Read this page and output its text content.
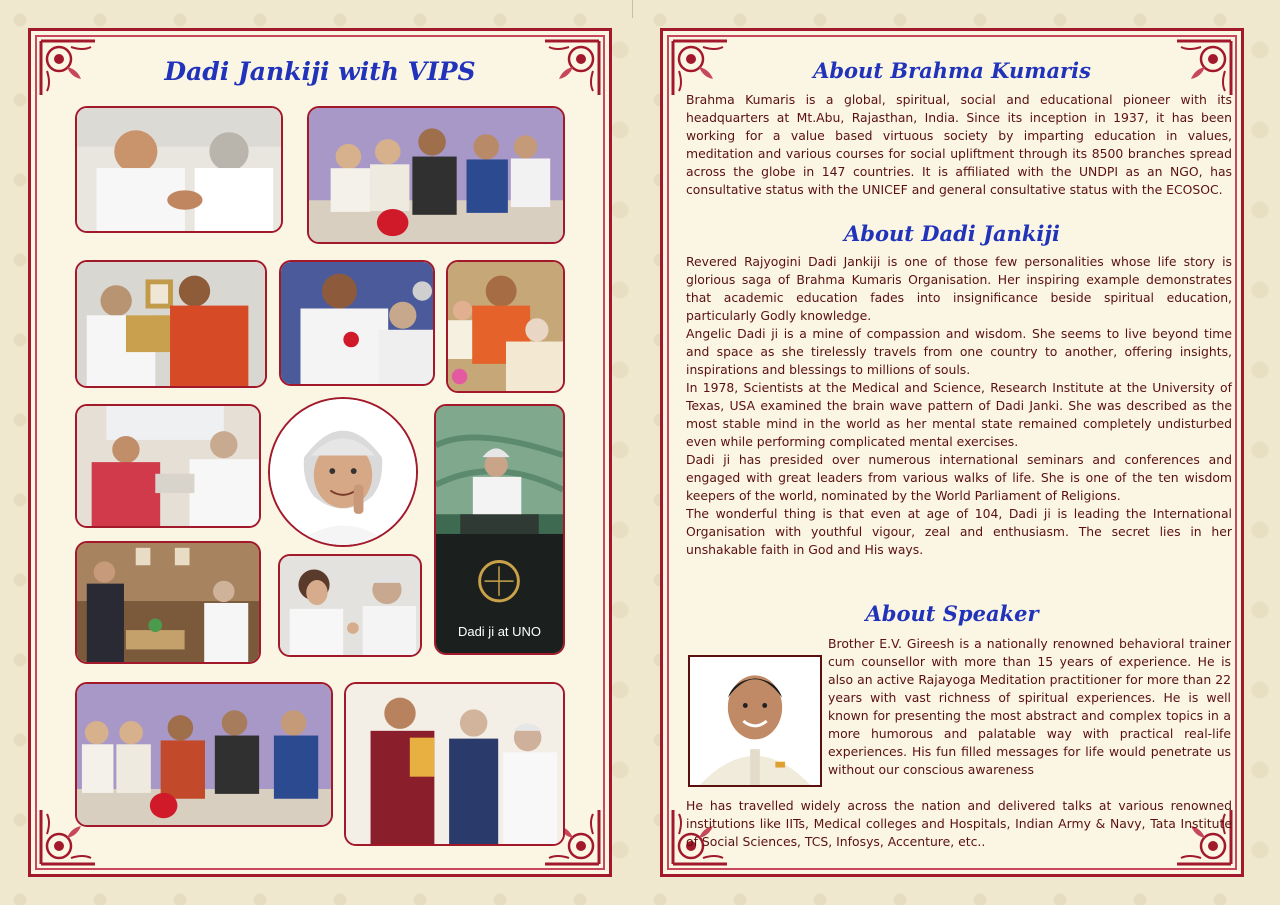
Dadi Jankiji with VIPS
Dadi ji at UNO
About Brahma Kumaris
Brahma Kumaris is a global, spiritual, social and educational pioneer with its headquarters at Mt.Abu, Rajasthan, India. Since its inception in 1937, it has been working for a value based virtuous society by imparting education in values, meditation and various courses for social upliftment through its 8500 branches spread across the globe in 147 countries. It is affiliated with the UNDPI as an NGO, has consultative status with the UNICEF and general consultative status with the ECOSOC.
About Dadi Jankiji

Revered Rajyogini Dadi Jankiji is one of those few personalities whose life story is glorious saga of Brahma Kumaris Organisation. Her inspiring example demonstrates that academic education fades into insignificance beside spiritual education, particularly Godly knowledge.

Angelic Dadi ji is a mine of compassion and wisdom. She seems to live beyond time and space as she tirelessly travels from one country to another, offering insights, inspirations and blessings to millions of souls.

In 1978, Scientists at the Medical and Science, Research Institute at the University of Texas, USA examined the brain wave pattern of Dadi Janki. She was described as the most stable mind in the world as her mental state remained completely undisturbed even while performing complicated mental exercises.

Dadi ji has presided over numerous international seminars and conferences and engaged with great leaders from various walks of life. She is one of the ten wisdom keepers of the world, nominated by the World Parliament of Religions.

The wonderful thing is that even at age of 104, Dadi ji is leading the International Organisation with youthful vigour, zeal and enthusiasm. The secret lies in her unshakable faith in God and His ways.

About Speaker
Brother E.V. Gireesh is a nationally renowned behavioral trainer cum counsellor with more than 15 years of experience. He is also an active Rajayoga Meditation practitioner for more than 22 years with vast richness of spiritual experiences. He is well known for presenting the most abstract and complex topics in a more humorous and palatable way with practical real-life experiences. His fun filled messages for life would penetrate us without our conscious awareness
He has travelled widely across the nation and delivered talks at various renowned institutions like IITs, Medical colleges and Hospitals, Indian Army & Navy, Tata Institute of Social Sciences, TCS, Infosys, Accenture, etc..
